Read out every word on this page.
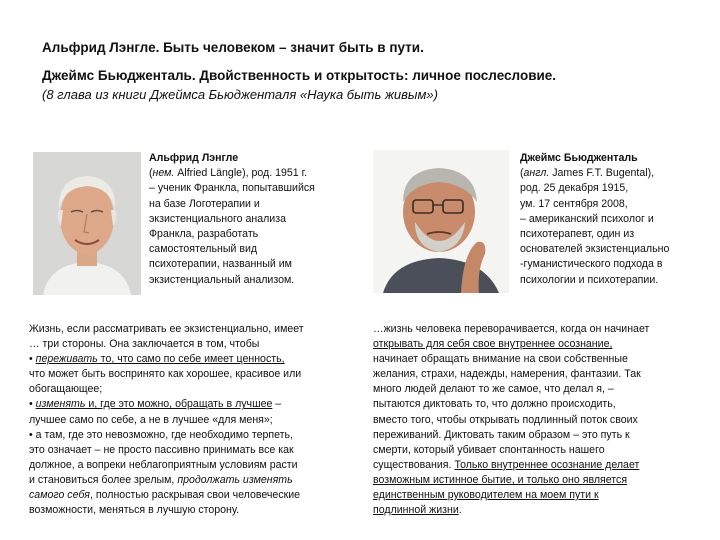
Альфрид Лэнгле. Быть человеком – значит быть в пути.
Джеймс Бьюдженталь. Двойственность и открытость: личное послесловие.
(8 глава из книги Джеймса Бьюдженталя «Наука быть живым»)
Альфрид Лэнгле
(нем. Alfried Längle), род. 1951 г.
– ученик Франкла, попытавшийся
на базе Логотерапии и
экзистенциального анализа
Франкла, разработать
самостоятельный вид
психотерапии, названный им
экзистенциальный анализом.
Джеймс Бьюдженталь
(англ. James F.T. Bugental),
род. 25 декабря 1915,
ум. 17 сентября 2008,
– американский психолог и
психотерапевт, один из
основателей экзистенциально
-гуманистического подхода в
психологии и психотерапии.
Жизнь, если рассматривать ее экзистенциально, имеет
… три стороны. Она заключается в том, чтобы
• переживать то, что само по себе имеет ценность,
что может быть воспринято как хорошее, красивое или
обогащающее;
• изменять и, где это можно, обращать в лучшее –
лучшее само по себе, а не в лучшее «для меня»;
• а там, где это невозможно, где необходимо терпеть,
это означает – не просто пассивно принимать все как
должное, а вопреки неблагоприятным условиям расти
и становиться более зрелым, продолжать изменять
самого себя, полностью раскрывая свои человеческие
возможности, меняться в лучшую сторону.
…жизнь человека переворачивается, когда он начинает
открывать для себя свое внутреннее осознание,
начинает обращать внимание на свои собственные
желания, страхи, надежды, намерения, фантазии. Так
много людей делают то же самое, что делал я, –
пытаются диктовать то, что должно происходить,
вместо того, чтобы открывать подлинный поток своих
переживаний. Диктовать таким образом – это путь к
смерти, который убивает спонтанность нашего
существования. Только внутреннее осознание делает
возможным истинное бытие, и только оно является
единственным руководителем на моем пути к
подлинной жизни.
